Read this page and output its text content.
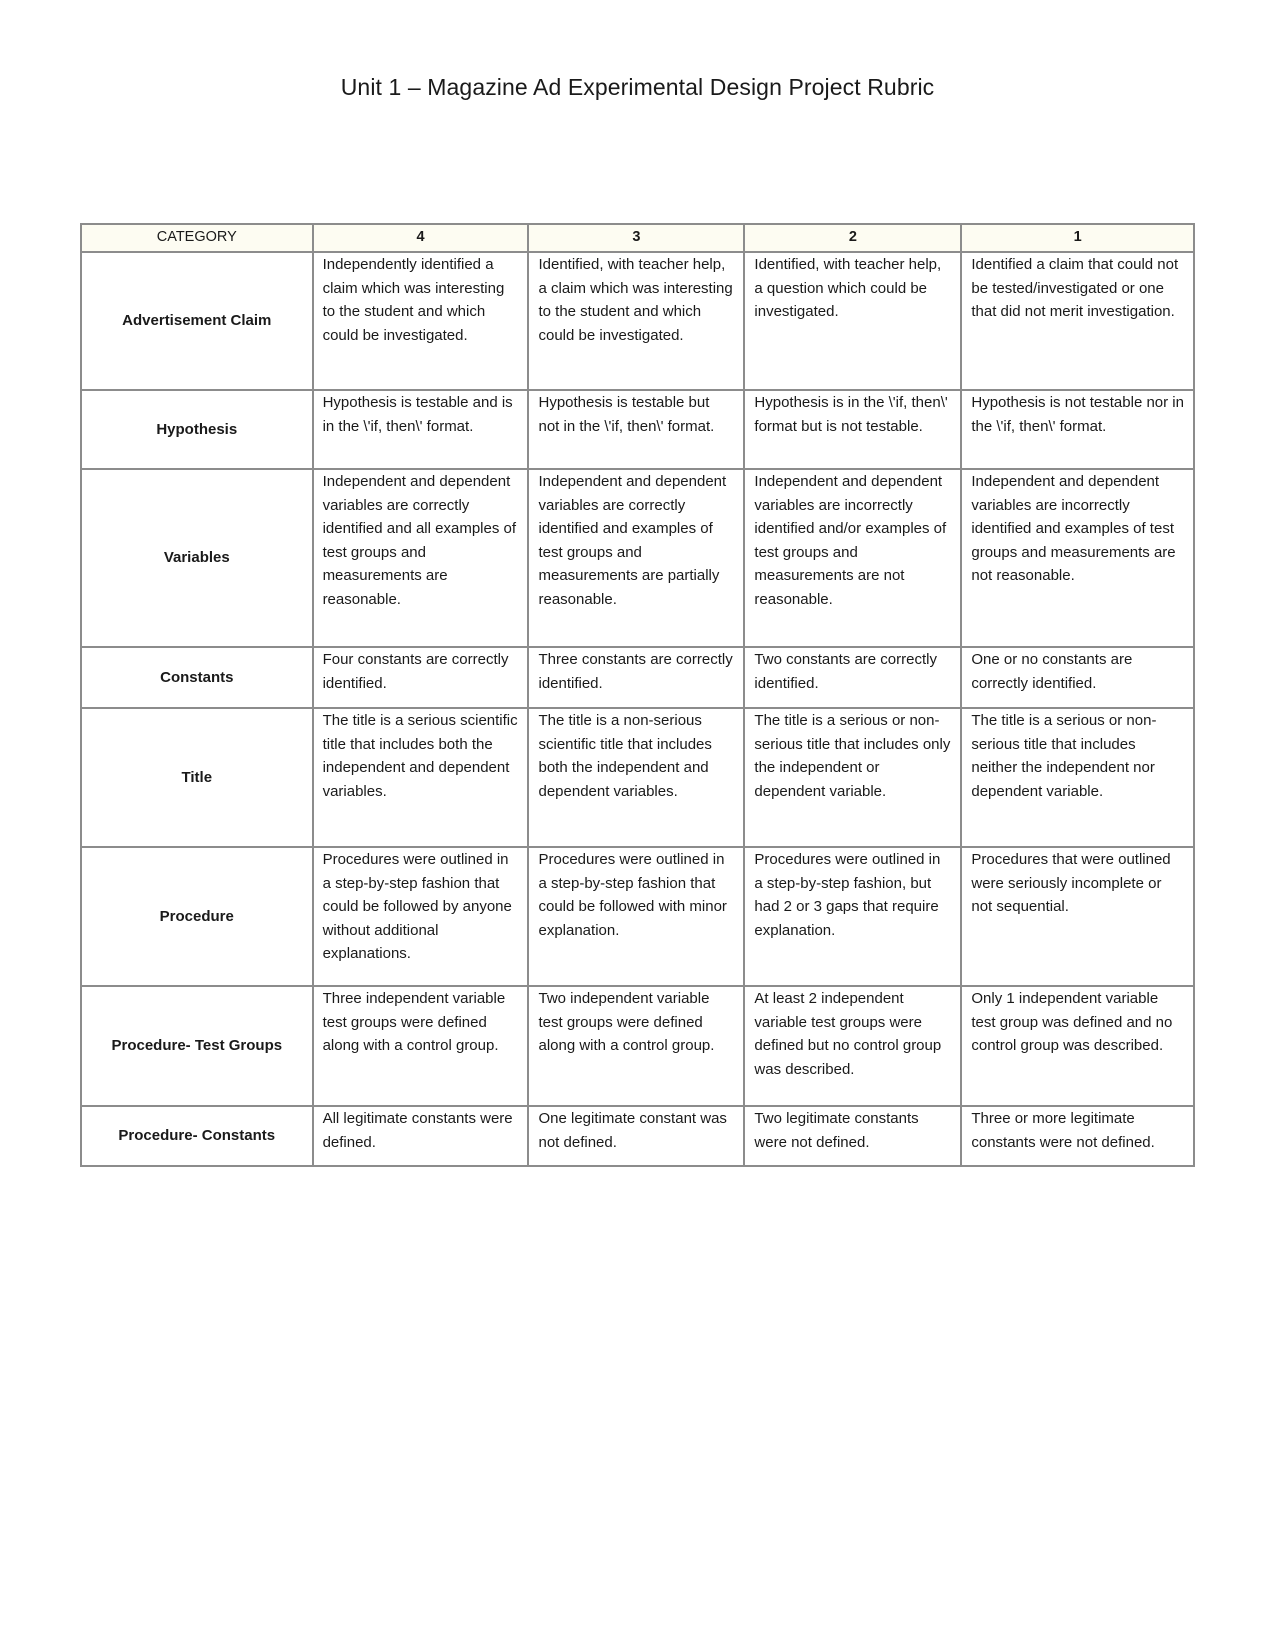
Unit 1 – Magazine Ad Experimental Design Project Rubric
CATEGORY	4	3	2	1
Advertisement Claim	Independently identified a claim which was interesting to the student and which could be investigated.	Identified, with teacher help, a claim which was interesting to the student and which could be investigated.	Identified, with teacher help, a question which could be investigated.	Identified a claim that could not be tested/investigated or one that did not merit investigation.
Hypothesis	Hypothesis is testable and is in the \'if, then\' format.	Hypothesis is testable but not in the \'if, then\' format.	Hypothesis is in the \'if, then\' format but is not testable.	Hypothesis is not testable nor in the \'if, then\' format.
Variables	Independent and dependent variables are correctly identified and all examples of test groups and measurements are reasonable.	Independent and dependent variables are correctly identified and examples of test groups and measurements are partially reasonable.	Independent and dependent variables are incorrectly identified and/or examples of test groups and measurements are not reasonable.	Independent and dependent variables are incorrectly identified and examples of test groups and measurements are not reasonable.
Constants	Four constants are correctly identified.	Three constants are correctly identified.	Two constants are correctly identified.	One or no constants are correctly identified.
Title	The title is a serious scientific title that includes both the independent and dependent variables.	The title is a non-serious scientific title that includes both the independent and dependent variables.	The title is a serious or non-serious title that includes only the independent or dependent variable.	The title is a serious or non-serious title that includes neither the independent nor dependent variable.
Procedure	Procedures were outlined in a step-by-step fashion that could be followed by anyone without additional explanations.	Procedures were outlined in a step-by-step fashion that could be followed with minor explanation.	Procedures were outlined in a step-by-step fashion, but had 2 or 3 gaps that require explanation.	Procedures that were outlined were seriously incomplete or not sequential.
Procedure- Test Groups	Three independent variable test groups were defined along with a control group.	Two independent variable test groups were defined along with a control group.	At least 2 independent variable test groups were defined but no control group was described.	Only 1 independent variable test group was defined and no control group was described.
Procedure- Constants	All legitimate constants were defined.	One legitimate constant was not defined.	Two legitimate constants were not defined.	Three or more legitimate constants were not defined.
